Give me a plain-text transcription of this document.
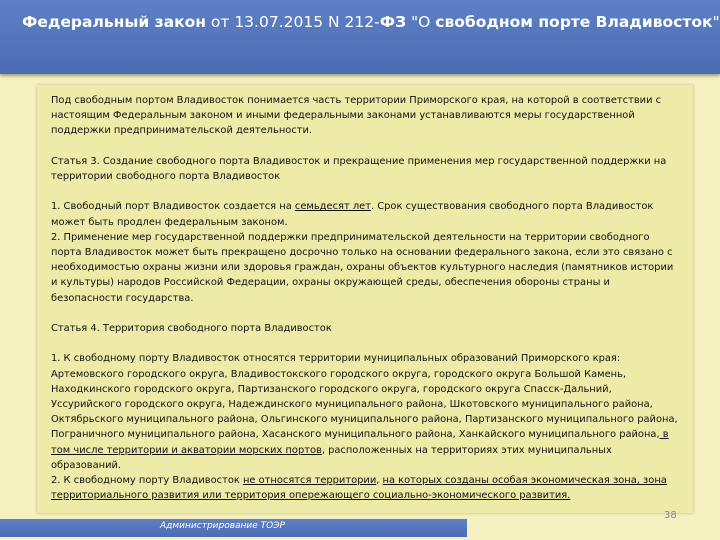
Федеральный закон от 13.07.2015 N 212-ФЗ "О свободном порте Владивосток"

Под свободным портом Владивосток понимается часть территории Приморского края, на которой в соответствии с настоящим Федеральным законом и иными федеральными законами устанавливаются меры государственной поддержки предпринимательской деятельности.

Статья 3. Создание свободного порта Владивосток и прекращение применения мер государственной поддержки на территории свободного порта Владивосток

1. Свободный порт Владивосток создается на семьдесят лет. Срок существования свободного порта Владивосток может быть продлен федеральным законом.

2. Применение мер государственной поддержки предпринимательской деятельности на территории свободного порта Владивосток может быть прекращено досрочно только на основании федерального закона, если это связано с необходимостью охраны жизни или здоровья граждан, охраны объектов культурного наследия (памятников истории и культуры) народов Российской Федерации, охраны окружающей среды, обеспечения обороны страны и безопасности государства.

Статья 4. Территория свободного порта Владивосток

1. К свободному порту Владивосток относятся территории муниципальных образований Приморского края: Артемовского городского округа, Владивостокского городского округа, городского округа Большой Камень, Находкинского городского округа, Партизанского городского округа, городского округа Спасск-Дальний, Уссурийского городского округа, Надеждинского муниципального района, Шкотовского муниципального района, Октябрьского муниципального района, Ольгинского муниципального района, Партизанского муниципального района, Пограничного муниципального района, Хасанского муниципального района, Ханкайского муниципального района, в том числе территории и акватории морских портов, расположенных на территориях этих муниципальных образований.

2. К свободному порту Владивосток не относятся территории, на которых созданы особая экономическая зона, зона территориального развития или территория опережающего социально-экономического развития.

38
Администрирование ТОЭР
